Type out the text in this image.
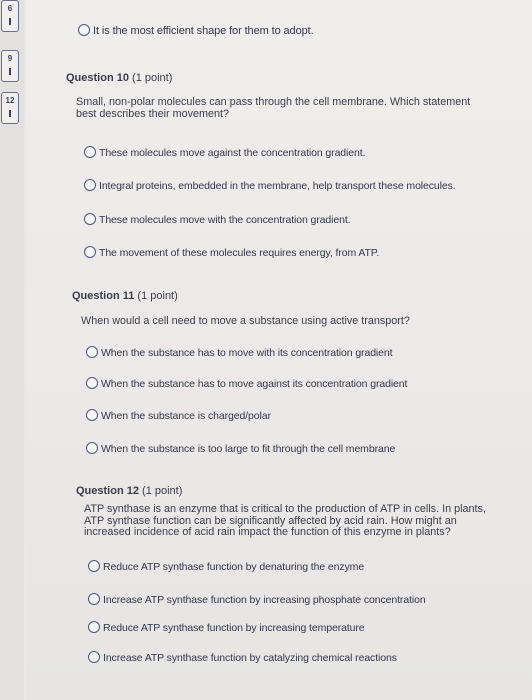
6
9
12
It is the most efficient shape for them to adopt.
Question 10 (1 point)
Small, non-polar molecules can pass through the cell membrane. Which statement best describes their movement?
These molecules move against the concentration gradient.
Integral proteins, embedded in the membrane, help transport these molecules.
These molecules move with the concentration gradient.
The movement of these molecules requires energy, from ATP.
Question 11 (1 point)
When would a cell need to move a substance using active transport?
When the substance has to move with its concentration gradient
When the substance has to move against its concentration gradient
When the substance is charged/polar
When the substance is too large to fit through the cell membrane
Question 12 (1 point)
ATP synthase is an enzyme that is critical to the production of ATP in cells. In plants, ATP synthase function can be significantly affected by acid rain. How might an increased incidence of acid rain impact the function of this enzyme in plants?
Reduce ATP synthase function by denaturing the enzyme
Increase ATP synthase function by increasing phosphate concentration
Reduce ATP synthase function by increasing temperature
Increase ATP synthase function by catalyzing chemical reactions
